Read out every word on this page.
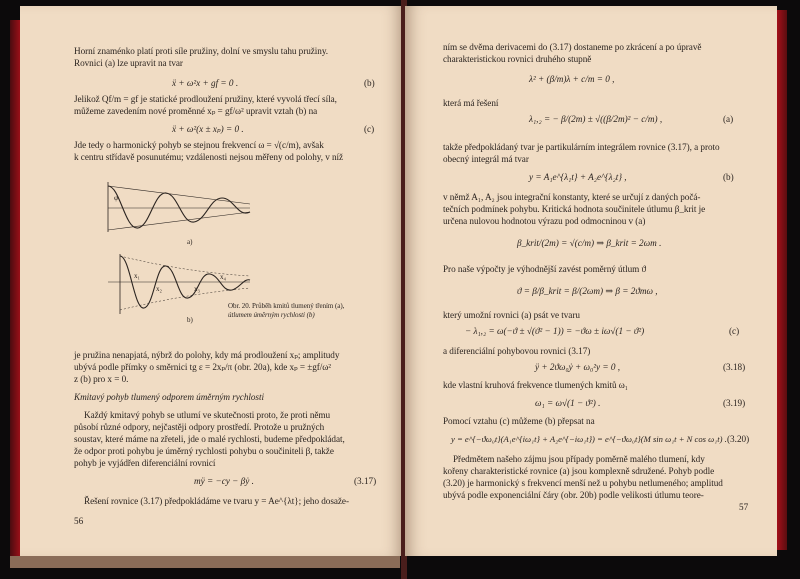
Horní znaménko platí proti síle pružiny, dolní ve smyslu tahu pružiny.
Rovnici (a) lze upravit na tvar
ẍ + ω²x + gf = 0 .	(b)
Jelikož Qf/m = gf je statické prodloužení pružiny, které vyvolá třecí síla,
můžeme zavedením nové proměnné xₚ = gf/ω² upravit vztah (b) na
ẍ + ω²(x ± xₚ) = 0 .	(c)
Jde tedy o harmonický pohyb se stejnou frekvencí ω = √(c/m), avšak
k centru střídavě posunutému; vzdálenosti nejsou měřeny od polohy, v níž
φ
a)
x₁
x₂	x₃
x₄
b)
Obr. 20. Průběh kmitů tlumený třením (a),
útlumem úměrným rychlosti (b)
je pružina nenapjatá, nýbrž do polohy, kdy má prodloužení xₚ; amplitudy
ubývá podle přímky o směrnici tg ε = 2xₚ/π (obr. 20a), kde xₚ = ±gf/ω²
z (b) pro x = 0.
Kmitavý pohyb tlumený odporem úměrným rychlosti
Každý kmitavý pohyb se utlumí ve skutečnosti proto, že proti němu
působí různé odpory, nejčastěji odpory prostředí. Protože u pružných
soustav, které máme na zřeteli, jde o malé rychlosti, budeme předpokládat,
že odpor proti pohybu je úměrný rychlosti pohybu o součiniteli β, takže
pohyb je vyjádřen diferenciální rovnicí
mÿ = −cy − βẏ .	(3.17)
Řešení rovnice (3.17) předpokládáme ve tvaru y = Ae^{λt}; jeho dosaže-
56
ním se dvěma derivacemi do (3.17) dostaneme po zkrácení a po úpravě
charakteristickou rovnici druhého stupně
λ² + (β/m)λ + c/m = 0 ,
která má řešení
λ₁,₂ = − β/(2m) ± √((β/2m)² − c/m) ,	(a)
takže předpokládaný tvar je partikulárním integrálem rovnice (3.17), a proto
obecný integrál má tvar
y = A₁e^{λ₁t} + A₂e^{λ₂t} ,	(b)
v němž A₁, A₂ jsou integrační konstanty, které se určují z daných počá-
tečních podmínek pohybu. Kritická hodnota součinitele útlumu β_krit je
určena nulovou hodnotou výrazu pod odmocninou v (a)
β_krit/(2m) = √(c/m) ⇒ β_krit = 2ωm .
Pro naše výpočty je výhodnější zavést poměrný útlum ϑ
ϑ = β/β_krit = β/(2ωm) ⇒ β = 2ϑmω ,
který umožní rovnici (a) psát ve tvaru
− λ₁,₂ = ω(−ϑ ± √(ϑ² − 1)) = −ϑω ± iω√(1 − ϑ²)	(c)
a diferenciální pohybovou rovnici (3.17)
ÿ + 2ϑω₀ẏ + ω₀²y = 0 ,	(3.18)
kde vlastní kruhová frekvence tlumených kmitů ω₁
ω₁ = ω√(1 − ϑ²) .	(3.19)
Pomocí vztahu (c) můžeme (b) přepsat na
y = e^{−ϑω₀t}(A₁e^{iω₁t} + A₂e^{−iω₁t}) = e^{−ϑω₀t}(M sin ω₁t + N cos ω₁t) . (3.20)
Předmětem našeho zájmu jsou případy poměrně malého tlumení, kdy
kořeny charakteristické rovnice (a) jsou komplexně sdružené. Pohyb podle
(3.20) je harmonický s frekvencí menší než u pohybu netlumeného; amplitud
ubývá podle exponenciální čáry (obr. 20b) podle velikosti útlumu teore-
57
